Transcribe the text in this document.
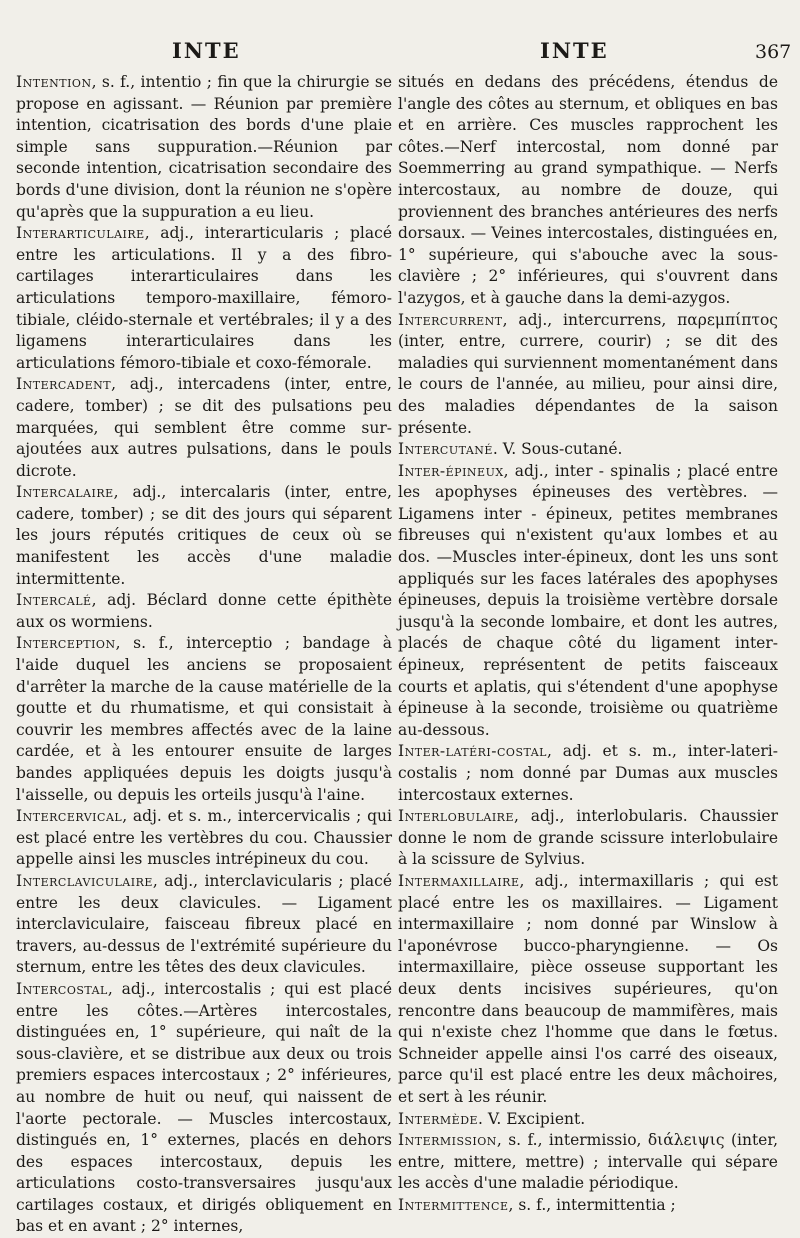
INTE	INTE	367

Intention, s. f., intentio ; fin que la chirurgie se propose en agissant. — Réunion par première intention, cicatrisation des bords d'une plaie simple sans suppuration.—Réunion par seconde intention, cicatrisation secondaire des bords d'une division, dont la réunion ne s'opère qu'après que la suppuration a eu lieu.

Interarticulaire, adj., interarticularis ; placé entre les articulations. Il y a des fibro-cartilages interarticulaires dans les articulations temporo-maxillaire, fémoro-tibiale, cléido-sternale et vertébrales; il y a des ligamens interarticulaires dans les articulations fémoro-tibiale et coxo-fémorale.

Intercadent, adj., intercadens (inter, entre, cadere, tomber) ; se dit des pulsations peu marquées, qui semblent être comme sur-ajoutées aux autres pulsations, dans le pouls dicrote.

Intercalaire, adj., intercalaris (inter, entre, cadere, tomber) ; se dit des jours qui séparent les jours réputés critiques de ceux où se manifestent les accès d'une maladie intermittente.

Intercalé, adj. Béclard donne cette épithète aux os wormiens.

Interception, s. f., interceptio ; bandage à l'aide duquel les anciens se proposaient d'arrêter la marche de la cause matérielle de la goutte et du rhumatisme, et qui consistait à couvrir les membres affectés avec de la laine cardée, et à les entourer ensuite de larges bandes appliquées depuis les doigts jusqu'à l'aisselle, ou depuis les orteils jusqu'à l'aine.

Intercervical, adj. et s. m., intercervicalis ; qui est placé entre les vertèbres du cou. Chaussier appelle ainsi les muscles intrépineux du cou.

Interclaviculaire, adj., interclavicularis ; placé entre les deux clavicules. — Ligament interclaviculaire, faisceau fibreux placé en travers, au-dessus de l'extrémité supérieure du sternum, entre les têtes des deux clavicules.

Intercostal, adj., intercostalis ; qui est placé entre les côtes.—Artères intercostales, distinguées en, 1° supérieure, qui naît de la sous-clavière, et se distribue aux deux ou trois premiers espaces intercostaux ; 2° inférieures, au nombre de huit ou neuf, qui naissent de l'aorte pectorale. — Muscles intercostaux, distingués en, 1° externes, placés en dehors des espaces intercostaux, depuis les articulations costo-transversaires jusqu'aux cartilages costaux, et dirigés obliquement en bas et en avant ; 2° internes,

situés en dedans des précédens, étendus de l'angle des côtes au sternum, et obliques en bas et en arrière. Ces muscles rapprochent les côtes.—Nerf intercostal, nom donné par Soemmerring au grand sympathique. — Nerfs intercostaux, au nombre de douze, qui proviennent des branches antérieures des nerfs dorsaux. — Veines intercostales, distinguées en, 1° supérieure, qui s'abouche avec la sous-clavière ; 2° inférieures, qui s'ouvrent dans l'azygos, et à gauche dans la demi-azygos.

Intercurrent, adj., intercurrens, παρεμπίπτος (inter, entre, currere, courir) ; se dit des maladies qui surviennent momentanément dans le cours de l'année, au milieu, pour ainsi dire, des maladies dépendantes de la saison présente.

Intercutané. V. Sous-cutané.

Inter-épineux, adj., inter - spinalis ; placé entre les apophyses épineuses des vertèbres. — Ligamens inter - épineux, petites membranes fibreuses qui n'existent qu'aux lombes et au dos. —Muscles inter-épineux, dont les uns sont appliqués sur les faces latérales des apophyses épineuses, depuis la troisième vertèbre dorsale jusqu'à la seconde lombaire, et dont les autres, placés de chaque côté du ligament inter-épineux, représentent de petits faisceaux courts et aplatis, qui s'étendent d'une apophyse épineuse à la seconde, troisième ou quatrième au-dessous.

Inter-latéri-costal, adj. et s. m., inter-lateri-costalis ; nom donné par Dumas aux muscles intercostaux externes.

Interlobulaire, adj., interlobularis. Chaussier donne le nom de grande scissure interlobulaire à la scissure de Sylvius.

Intermaxillaire, adj., intermaxillaris ; qui est placé entre les os maxillaires. — Ligament intermaxillaire ; nom donné par Winslow à l'aponévrose bucco-pharyngienne. — Os intermaxillaire, pièce osseuse supportant les deux dents incisives supérieures, qu'on rencontre dans beaucoup de mammifères, mais qui n'existe chez l'homme que dans le fœtus. Schneider appelle ainsi l'os carré des oiseaux, parce qu'il est placé entre les deux mâchoires, et sert à les réunir.

Intermède. V. Excipient.

Intermission, s. f., intermissio, διάλειψις (inter, entre, mittere, mettre) ; intervalle qui sépare les accès d'une maladie périodique.

Intermittence, s. f., intermittentia ;
